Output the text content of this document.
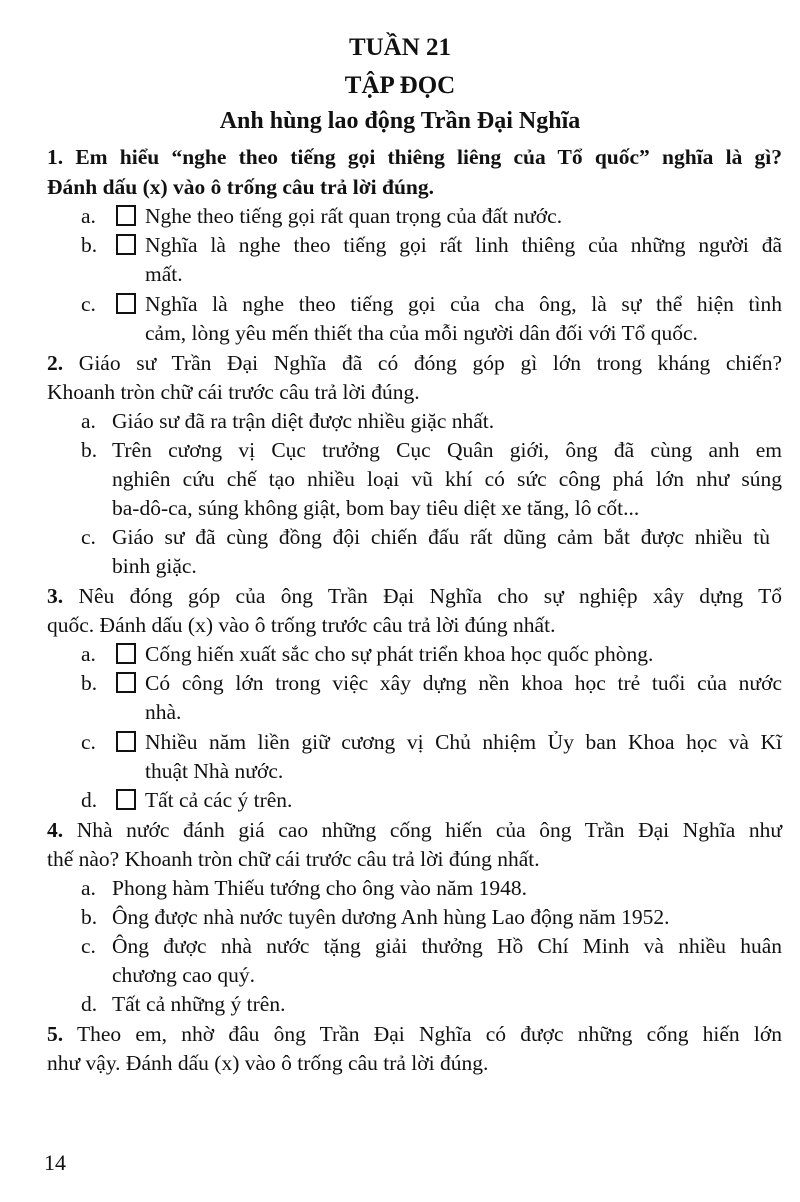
TUẦN 21
TẬP ĐỌC
Anh hùng lao động Trần Đại Nghĩa
1. Em hiểu “nghe theo tiếng gọi thiêng liêng của Tổ quốc” nghĩa là gì?
Đánh dấu (x) vào ô trống câu trả lời đúng.
a.	Nghe theo tiếng gọi rất quan trọng của đất nước.
b.	Nghĩa là nghe theo tiếng gọi rất linh thiêng của những người đã
mất.
c.	Nghĩa là nghe theo tiếng gọi của cha ông, là sự thể hiện tình
cảm, lòng yêu mến thiết tha của mỗi người dân đối với Tổ quốc.
2. Giáo sư Trần Đại Nghĩa đã có đóng góp gì lớn trong kháng chiến?
Khoanh tròn chữ cái trước câu trả lời đúng.
a. Giáo sư đã ra trận diệt được nhiều giặc nhất.
b. Trên cương vị Cục trưởng Cục Quân giới, ông đã cùng anh em
nghiên cứu chế tạo nhiều loại vũ khí có sức công phá lớn như súng
ba-dô-ca, súng không giật, bom bay tiêu diệt xe tăng, lô cốt...
c. Giáo sư đã cùng đồng đội chiến đấu rất dũng cảm bắt được nhiều tù
binh giặc.
3. Nêu đóng góp của ông Trần Đại Nghĩa cho sự nghiệp xây dựng Tổ
quốc. Đánh dấu (x) vào ô trống trước câu trả lời đúng nhất.
a.	Cống hiến xuất sắc cho sự phát triển khoa học quốc phòng.
b.	Có công lớn trong việc xây dựng nền khoa học trẻ tuổi của nước
nhà.
c.	Nhiều năm liền giữ cương vị Chủ nhiệm Ủy ban Khoa học và Kĩ
thuật Nhà nước.
d.	Tất cả các ý trên.
4. Nhà nước đánh giá cao những cống hiến của ông Trần Đại Nghĩa như
thế nào? Khoanh tròn chữ cái trước câu trả lời đúng nhất.
a. Phong hàm Thiếu tướng cho ông vào năm 1948.
b. Ông được nhà nước tuyên dương Anh hùng Lao động năm 1952.
c. Ông được nhà nước tặng giải thưởng Hồ Chí Minh và nhiều huân
chương cao quý.
d. Tất cả những ý trên.
5. Theo em, nhờ đâu ông Trần Đại Nghĩa có được những cống hiến lớn
như vậy. Đánh dấu (x) vào ô trống câu trả lời đúng.
14
